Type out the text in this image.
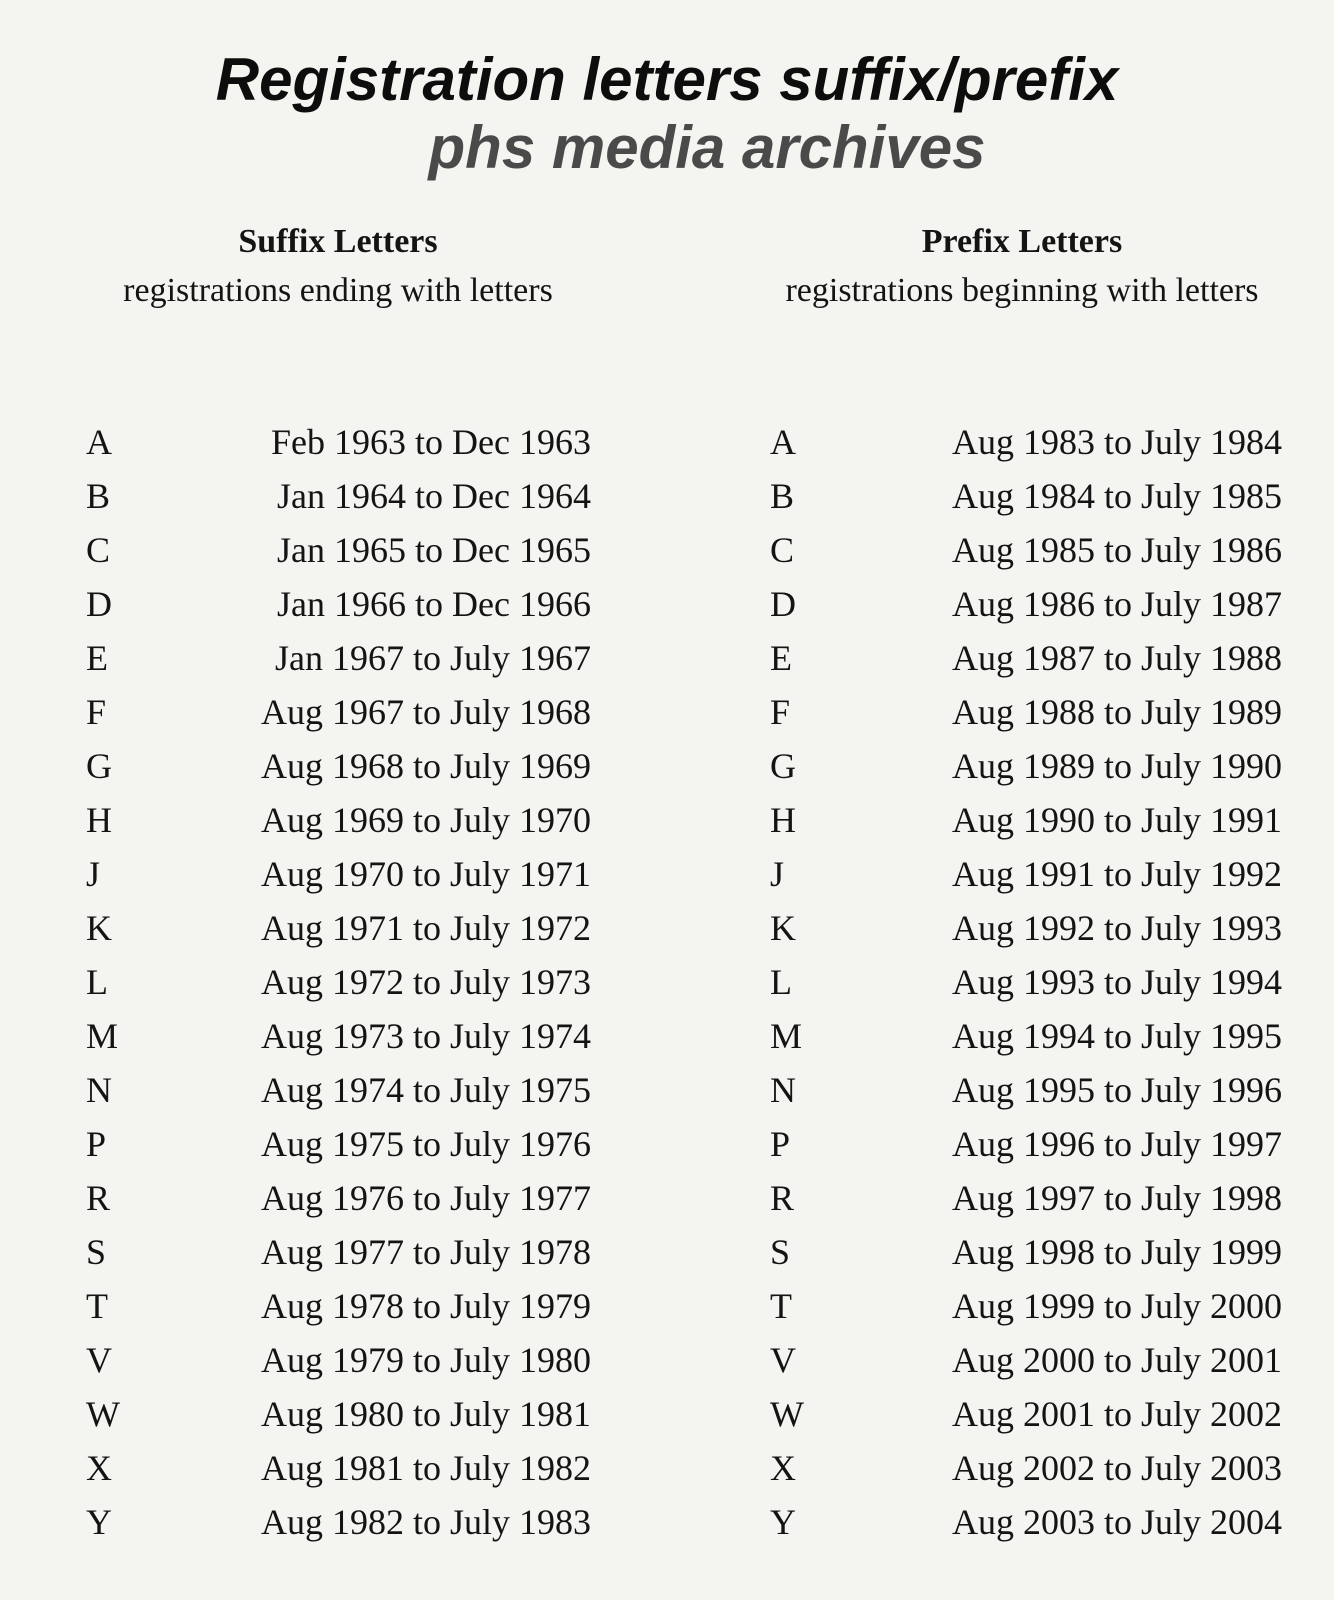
Registration letters suffix/prefix
phs media archives
Suffix Letters
registrations ending with letters
Prefix Letters
registrations beginning with letters
A	Feb 1963 to Dec 1963
B	Jan 1964 to Dec 1964
C	Jan 1965 to Dec 1965
D	Jan 1966 to Dec 1966
E	Jan 1967 to July 1967
F	Aug 1967 to July 1968
G	Aug 1968 to July 1969
H	Aug 1969 to July 1970
J	Aug 1970 to July 1971
K	Aug 1971 to July 1972
L	Aug 1972 to July 1973
M	Aug 1973 to July 1974
N	Aug 1974 to July 1975
P	Aug 1975 to July 1976
R	Aug 1976 to July 1977
S	Aug 1977 to July 1978
T	Aug 1978 to July 1979
V	Aug 1979 to July 1980
W	Aug 1980 to July 1981
X	Aug 1981 to July 1982
Y	Aug 1982 to July 1983
A	Aug 1983 to July 1984
B	Aug 1984 to July 1985
C	Aug 1985 to July 1986
D	Aug 1986 to July 1987
E	Aug 1987 to July 1988
F	Aug 1988 to July 1989
G	Aug 1989 to July 1990
H	Aug 1990 to July 1991
J	Aug 1991 to July 1992
K	Aug 1992 to July 1993
L	Aug 1993 to July 1994
M	Aug 1994 to July 1995
N	Aug 1995 to July 1996
P	Aug 1996 to July 1997
R	Aug 1997 to July 1998
S	Aug 1998 to July 1999
T	Aug 1999 to July 2000
V	Aug 2000 to July 2001
W	Aug 2001 to July 2002
X	Aug 2002 to July 2003
Y	Aug 2003 to July 2004
